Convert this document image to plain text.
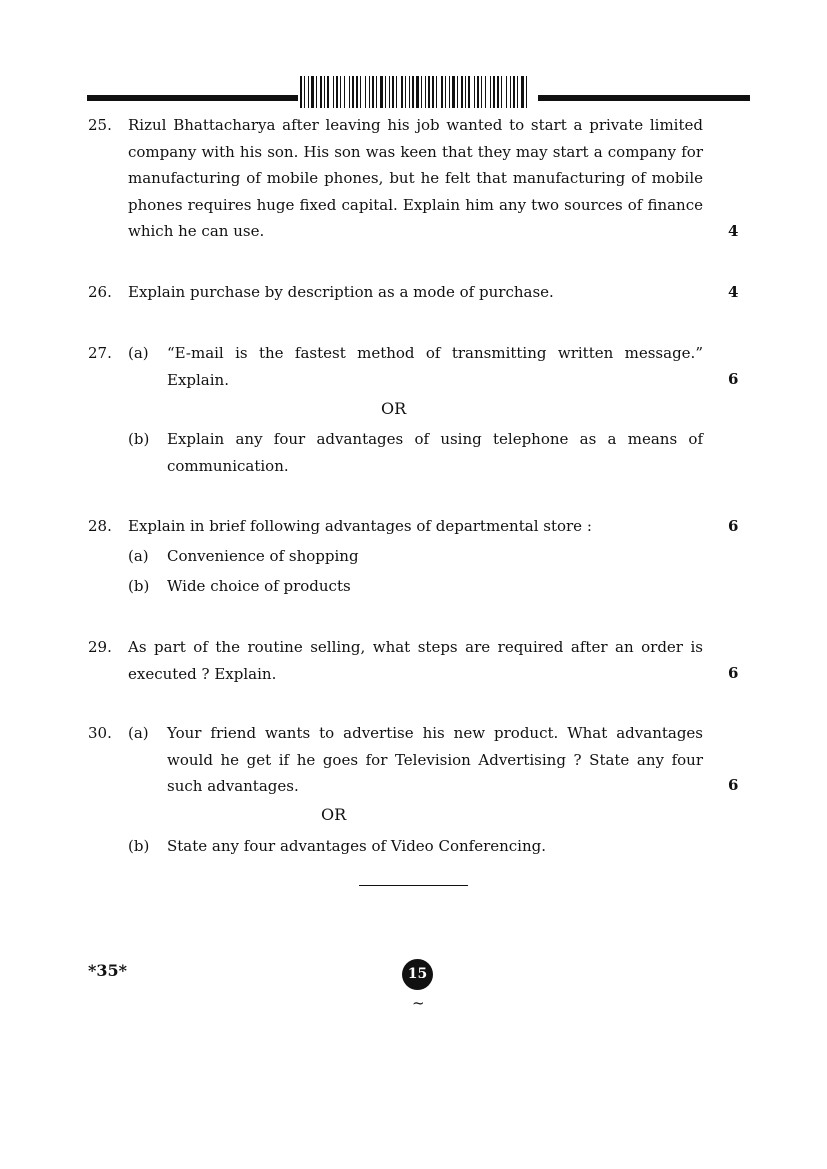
25. Rizul Bhattacharya after leaving his job wanted to start a private limited company with his son. His son was keen that they may start a company for manufacturing of mobile phones, but he felt that manufacturing of mobile phones requires huge fixed capital. Explain him any two sources of finance which he can use.	4
26. Explain purchase by description as a mode of purchase.	4
27. (a) “E-mail is the fastest method of transmitting written message.” Explain.	6
OR
(b) Explain any four advantages of using telephone as a means of communication.

28. Explain in brief following advantages of departmental store :	6
(a) Convenience of shopping

(b) Wide choice of products

29. As part of the routine selling, what steps are required after an order is executed ? Explain.	6
30. (a) Your friend wants to advertise his new product. What advantages would he get if he goes for Television Advertising ? State any four such advantages.	6
OR
(b) State any four advantages of Video Conferencing.

*35*	15
~
